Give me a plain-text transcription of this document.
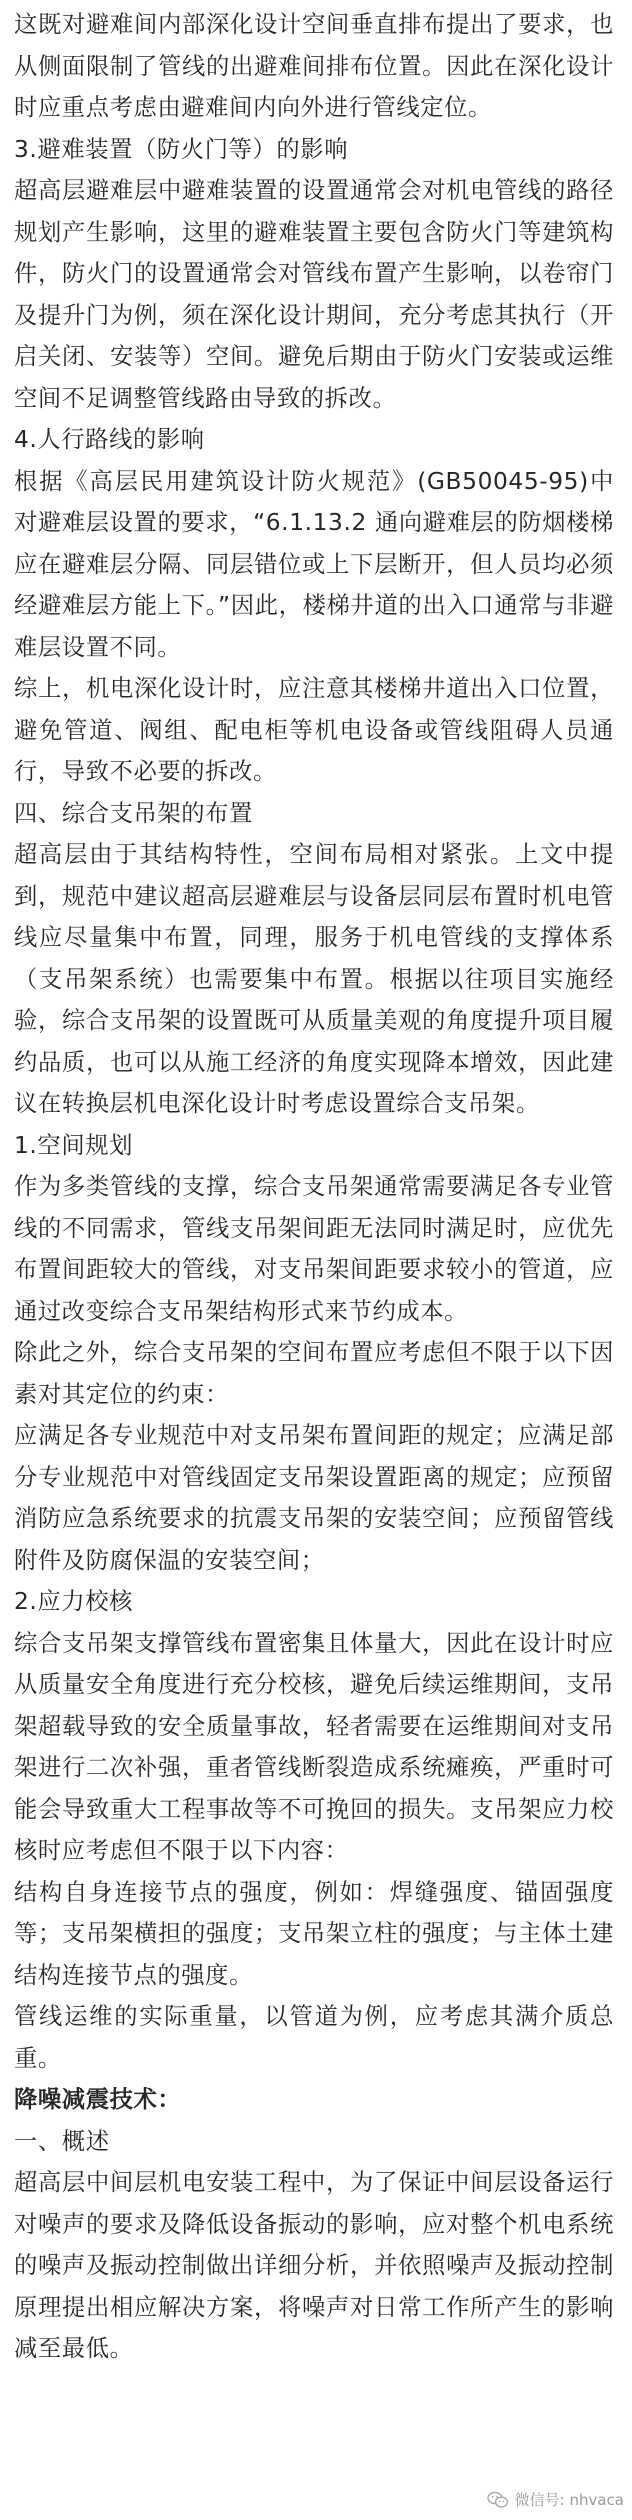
这既对避难间内部深化设计空间垂直排布提出了要求，也从侧面限制了管线的出避难间排布位置。因此在深化设计时应重点考虑由避难间内向外进行管线定位。

3.避难装置（防火门等）的影响

超高层避难层中避难装置的设置通常会对机电管线的路径规划产生影响，这里的避难装置主要包含防火门等建筑构件，防火门的设置通常会对管线布置产生影响，以卷帘门及提升门为例，须在深化设计期间，充分考虑其执行（开启关闭、安装等）空间。避免后期由于防火门安装或运维空间不足调整管线路由导致的拆改。

4.人行路线的影响

根据《高层民用建筑设计防火规范》(GB50045-95)中对避难层设置的要求，“6.1.13.2 通向避难层的防烟楼梯应在避难层分隔、同层错位或上下层断开，但人员均必须经避难层方能上下。”因此，楼梯井道的出入口通常与非避难层设置不同。

综上，机电深化设计时，应注意其楼梯井道出入口位置，避免管道、阀组、配电柜等机电设备或管线阻碍人员通行，导致不必要的拆改。

四、综合支吊架的布置

超高层由于其结构特性，空间布局相对紧张。上文中提到，规范中建议超高层避难层与设备层同层布置时机电管线应尽量集中布置，同理，服务于机电管线的支撑体系（支吊架系统）也需要集中布置。根据以往项目实施经验，综合支吊架的设置既可从质量美观的角度提升项目履约品质，也可以从施工经济的角度实现降本增效，因此建议在转换层机电深化设计时考虑设置综合支吊架。

1.空间规划

作为多类管线的支撑，综合支吊架通常需要满足各专业管线的不同需求，管线支吊架间距无法同时满足时，应优先布置间距较大的管线，对支吊架间距要求较小的管道，应通过改变综合支吊架结构形式来节约成本。

除此之外，综合支吊架的空间布置应考虑但不限于以下因素对其定位的约束：

应满足各专业规范中对支吊架布置间距的规定；应满足部分专业规范中对管线固定支吊架设置距离的规定；应预留消防应急系统要求的抗震支吊架的安装空间；应预留管线附件及防腐保温的安装空间；

2.应力校核

综合支吊架支撑管线布置密集且体量大，因此在设计时应从质量安全角度进行充分校核，避免后续运维期间，支吊架超载导致的安全质量事故，轻者需要在运维期间对支吊架进行二次补强，重者管线断裂造成系统瘫痪，严重时可能会导致重大工程事故等不可挽回的损失。支吊架应力校核时应考虑但不限于以下内容：

结构自身连接节点的强度，例如：焊缝强度、锚固强度等；支吊架横担的强度；支吊架立柱的强度；与主体土建结构连接节点的强度。

管线运维的实际重量，以管道为例，应考虑其满介质总重。

降噪减震技术：

一、概述

超高层中间层机电安装工程中，为了保证中间层设备运行对噪声的要求及降低设备振动的影响，应对整个机电系统的噪声及振动控制做出详细分析，并依照噪声及振动控制原理提出相应解决方案，将噪声对日常工作所产生的影响减至最低。

微信号: nhvaca
